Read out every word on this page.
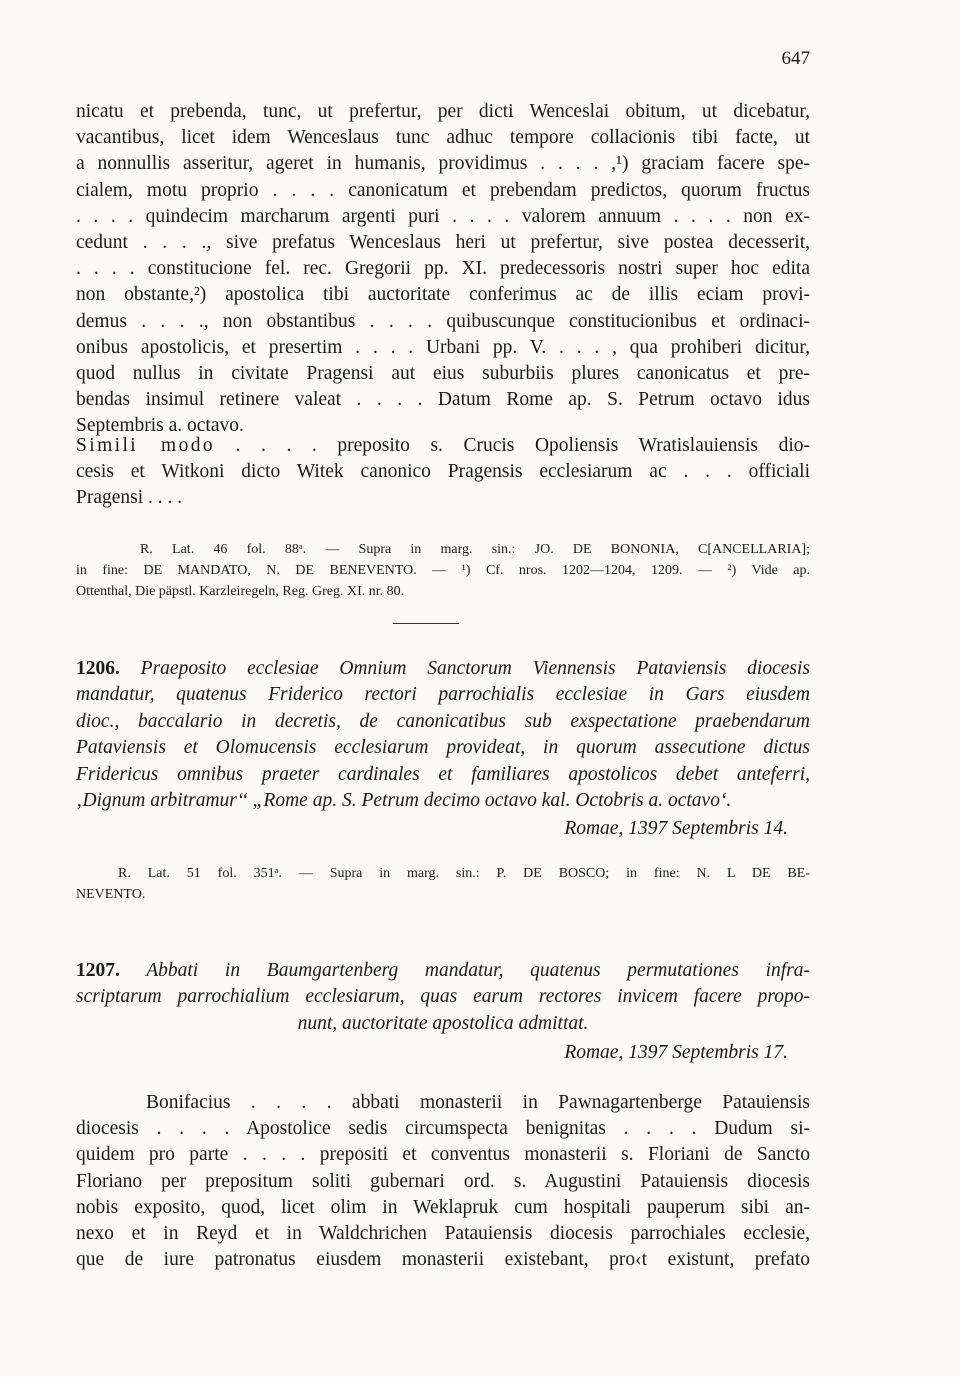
647
nicatu et prebenda, tunc, ut prefertur, per dicti Wenceslai obitum, ut dicebatur,
vacantibus, licet idem Wenceslaus tunc adhuc tempore collacionis tibi facte, ut
a nonnullis asseritur, ageret in humanis, providimus . . . . ,¹) graciam facere spe-
cialem, motu proprio . . . . canonicatum et prebendam predictos, quorum fructus
. . . . quindecim marcharum argenti puri . . . . valorem annuum . . . . non ex-
cedunt . . . ., sive prefatus Wenceslaus heri ut prefertur, sive postea decesserit,
. . . . constitucione fel. rec. Gregorii pp. XI. predecessoris nostri super hoc edita
non obstante,²) apostolica tibi auctoritate conferimus ac de illis eciam provi-
demus . . . ., non obstantibus . . . . quibuscunque constitucionibus et ordinaci-
onibus apostolicis, et presertim . . . . Urbani pp. V. . . . , qua prohiberi dicitur,
quod nullus in civitate Pragensi aut eius suburbiis plures canonicatus et pre-
bendas insimul retinere valeat . . . . Datum Rome ap. S. Petrum octavo idus
Septembris a. octavo.
Simili modo . . . . preposito s. Crucis Opoliensis Wratislauiensis dio-
cesis et Witkoni dicto Witek canonico Pragensis ecclesiarum ac . . . officiali
Pragensi . . . .
R. Lat. 46 fol. 88ᵃ. — Supra in marg. sin.: JO. DE BONONIA, C[ANCELLARIA];
in fine: DE MANDATO, N. DE BENEVENTO. — ¹) Cf. nros. 1202—1204, 1209. — ²) Vide ap.
Ottenthal, Die päpstl. Karzleiregeln, Reg. Greg. XI. nr. 80.
1206. Praeposito ecclesiae Omnium Sanctorum Viennensis Pataviensis diocesis
mandatur, quatenus Friderico rectori parrochialis ecclesiae in Gars eiusdem
dioc., baccalario in decretis, de canonicatibus sub exspectatione praebendarum
Pataviensis et Olomucensis ecclesiarum provideat, in quorum assecutione dictus
Fridericus omnibus praeter cardinales et familiares apostolicos debet anteferri,
‚Dignum arbitramur‘‘ „Rome ap. S. Petrum decimo octavo kal. Octobris a. octavo‘.
Romae, 1397 Septembris 14.
R. Lat. 51 fol. 351ᵃ. — Supra in marg. sin.: P. DE BOSCO; in fine: N. L DE BE-
NEVENTO.
1207. Abbati in Baumgartenberg mandatur, quatenus permutationes infra-
scriptarum parrochialium ecclesiarum, quas earum rectores invicem facere propo-
nunt, auctoritate apostolica admittat.
Romae, 1397 Septembris 17.
Bonifacius . . . . abbati monasterii in Pawnagartenberge Patauiensis
diocesis . . . . Apostolice sedis circumspecta benignitas . . . . Dudum si-
quidem pro parte . . . . prepositi et conventus monasterii s. Floriani de Sancto
Floriano per prepositum soliti gubernari ord. s. Augustini Patauiensis diocesis
nobis exposito, quod, licet olim in Weklapruk cum hospitali pauperum sibi an-
nexo et in Reyd et in Waldchrichen Patauiensis diocesis parrochiales ecclesie,
que de iure patronatus eiusdem monasterii existebant, pro‹t existunt, prefato
